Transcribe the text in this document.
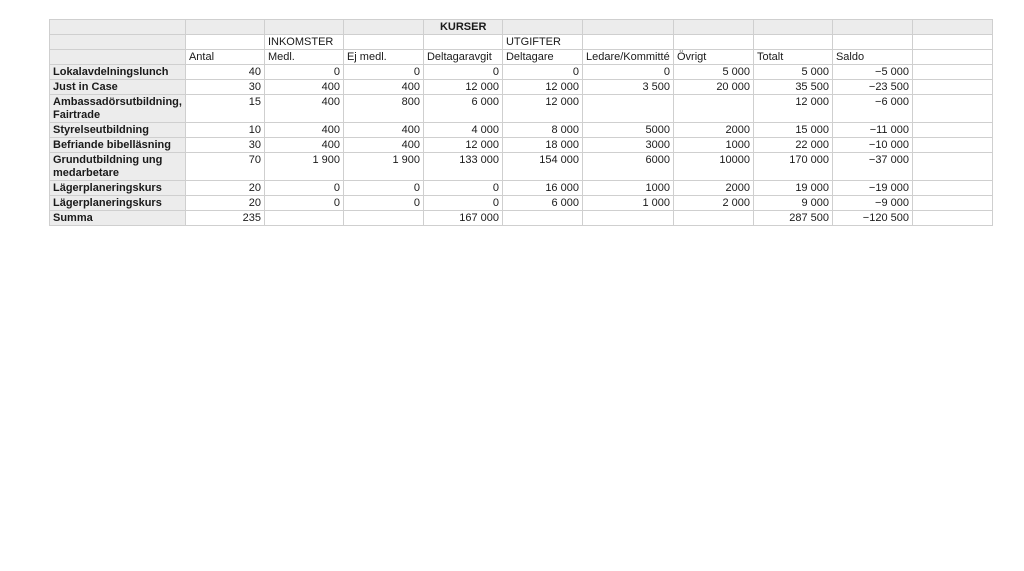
				KURSER						
		INKOMSTER			UTGIFTER					
	Antal	Medl.	Ej medl.	Deltagaravgit	Deltagare	Ledare/Kommitté	Övrigt	Totalt	Saldo	
Lokalavdelningslunch	40	0	0	0	0	0	5 000	5 000	−5 000	
Just in Case	30	400	400	12 000	12 000	3 500	20 000	35 500	−23 500	
Ambassadörsutbildning, Fairtrade	15	400	800	6 000	12 000			12 000	−6 000	
Styrelseutbildning	10	400	400	4 000	8 000	5000	2000	15 000	−11 000	
Befriande bibelläsning	30	400	400	12 000	18 000	3000	1000	22 000	−10 000	
Grundutbildning ung medarbetare	70	1 900	1 900	133 000	154 000	6000	10000	170 000	−37 000	
Lägerplaneringskurs	20	0	0	0	16 000	1000	2000	19 000	−19 000	
Lägerplaneringskurs	20	0	0	0	6 000	1 000	2 000	9 000	−9 000	
Summa	235			167 000				287 500	−120 500	
